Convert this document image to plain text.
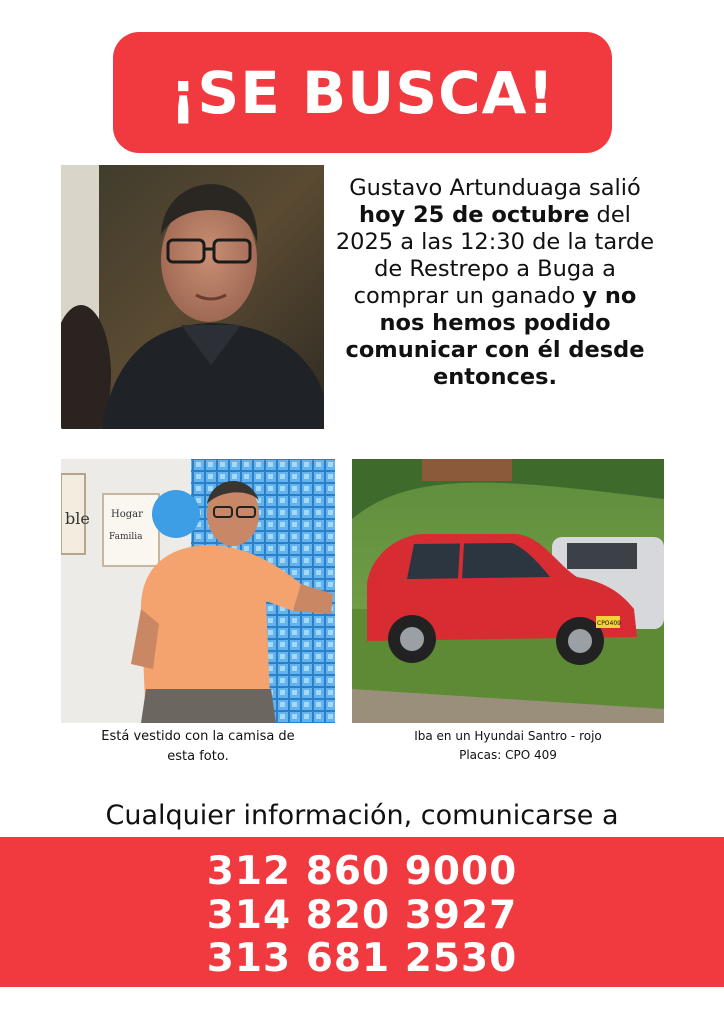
¡SE BUSCA!
Gustavo Artunduaga salió hoy 25 de octubre del 2025 a las 12:30 de la tarde de Restrepo a Buga a comprar un ganado y no nos hemos podido comunicar con él desde entonces.
ble Hogar
Familia
CPO409
Está vestido con la camisa de
esta foto.
Iba en un Hyundai Santro - rojo
Placas: CPO 409
Cualquier información, comunicarse a
312 860 9000
314 820 3927
313 681 2530
